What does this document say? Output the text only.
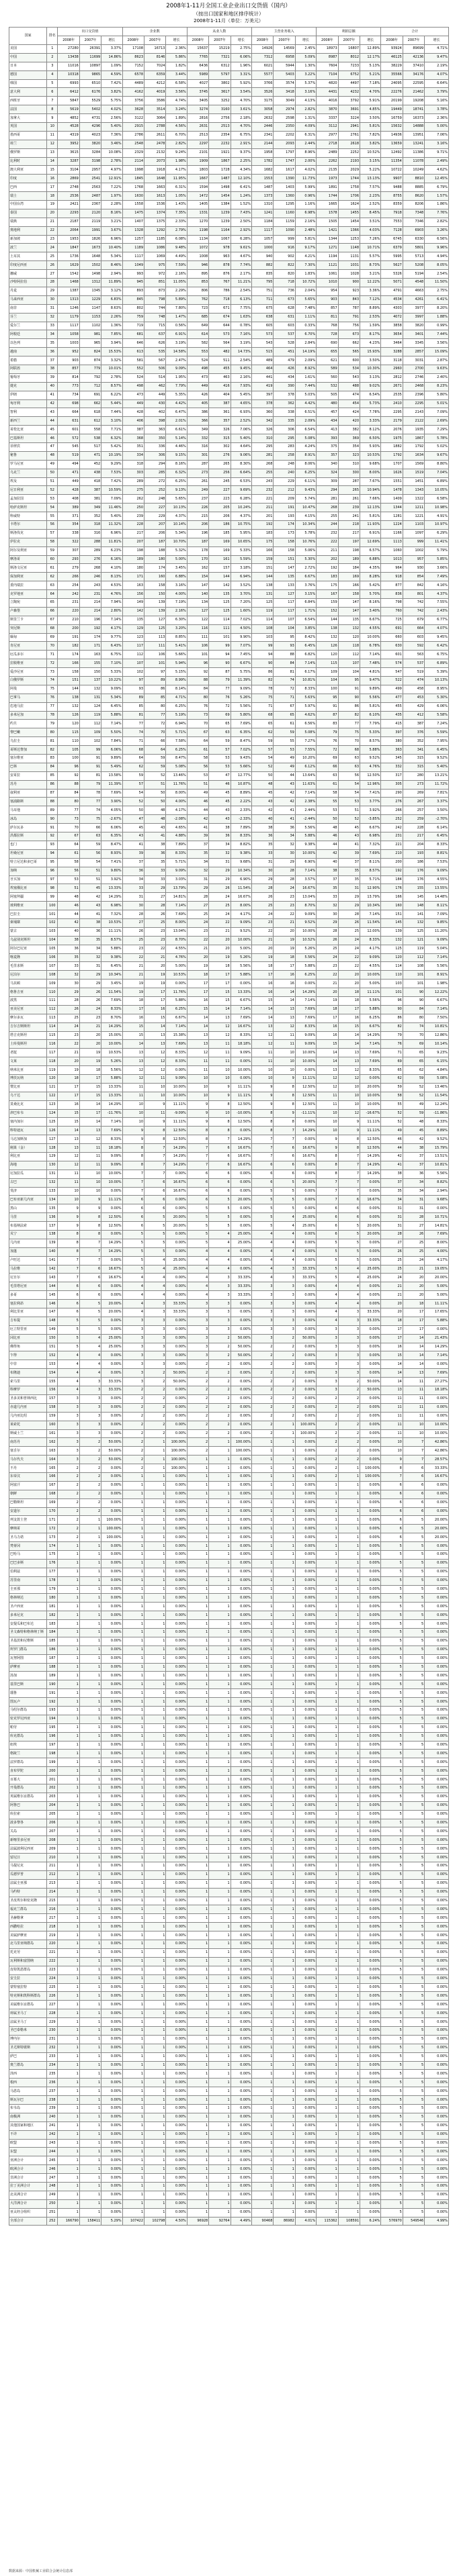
2008年1-11月全国工业企业出口交货值（国内）
（按出口国家和地区排序统计）
2008年1-11月（单位：万美元）
国家	排名	出口交货值			企业数			从业人数			主营业务收入			利润总额			合计		
		2008年	2007年	增长	2008年	2007年	增长	2008年	2007年	增长	2008年	2007年	增长	2008年	2007年	增长	2008年	2007年	增长
美国	1	27280	26391	3.37%	17108	16713	2.36%	15637	15219	2.75%	14926	14569	2.45%	18973	16807	12.89%	93924	89699	4.71%
中国	2	13438	11699	14.86%	8623	8146	5.86%	7765	7321	6.06%	7312	6958	5.09%	8987	8012	12.17%	46125	42136	9.47%
日本	3	11016	10897	1.09%	7152	7024	1.82%	6436	6312	1.96%	6021	5944	1.30%	7604	7233	5.13%	38229	37410	2.19%
德国	4	10318	9865	4.59%	6578	6359	3.44%	5989	5797	3.31%	5577	5403	3.22%	7104	6752	5.21%	35566	34176	4.07%
韩国	5	6993	6510	7.42%	4489	4212	6.58%	4027	3802	5.92%	3766	3574	5.37%	4820	4497	7.18%	24095	22595	6.64%
意大利	6	6412	6176	3.82%	4162	4019	3.56%	3745	3617	3.54%	3526	3418	3.16%	4431	4232	4.70%	22276	21462	3.79%
西班牙	7	5847	5529	5.75%	3756	3586	4.74%	3405	3252	4.70%	3175	3049	4.13%	4016	3792	5.91%	20199	19208	5.16%
法国	8	5619	5402	4.02%	3628	3514	3.24%	3274	3160	3.61%	3058	2974	2.82%	3870	3691	4.85%	19449	18741	3.78%
加拿大	9	4852	4731	2.56%	3122	3064	1.89%	2816	2756	2.18%	2632	2598	1.31%	3337	3224	3.50%	16759	16373	2.36%
英国	10	4528	4296	5.40%	2915	2788	4.56%	2631	2513	4.70%	2446	2350	4.09%	3112	2941	5.81%	15632	14888	5.00%
墨西哥	11	4319	4023	7.36%	2786	2611	6.70%	2513	2354	6.75%	2341	2202	6.31%	2977	2761	7.82%	14936	13951	7.06%
荷兰	12	3952	3820	3.46%	2548	2478	2.82%	2297	2232	2.91%	2144	2093	2.44%	2718	2618	3.82%	13659	13241	3.16%
俄罗斯	13	3615	3284	10.08%	2329	2132	9.24%	2101	1921	9.37%	1958	1797	8.96%	2489	2252	10.52%	12492	11386	9.71%
比利时	14	3287	3198	2.78%	2114	2073	1.98%	1909	1867	2.25%	1782	1747	2.00%	2262	2193	3.15%	11354	11078	2.49%
澳大利亚	15	3104	2957	4.97%	1998	1918	4.17%	1803	1728	4.34%	1682	1617	4.02%	2135	2029	5.22%	10722	10249	4.62%
印度	16	2869	2541	12.91%	1845	1648	11.95%	1667	1487	12.10%	1553	1390	11.73%	1973	1744	13.13%	9907	8810	12.45%
巴西	17	2748	2563	7.22%	1768	1663	6.31%	1594	1498	6.41%	1487	1403	5.99%	1891	1758	7.57%	9488	8885	6.79%
瑞士	18	2536	2487	1.97%	1630	1613	1.05%	1472	1454	1.24%	1373	1360	0.96%	1744	1706	2.23%	8755	8620	1.57%
中国台湾	19	2421	2367	2.28%	1558	1536	1.43%	1405	1384	1.52%	1310	1295	1.16%	1665	1624	2.52%	8359	8206	1.86%
泰国	20	2293	2120	8.16%	1475	1374	7.35%	1331	1239	7.43%	1241	1160	6.98%	1578	1455	8.45%	7918	7348	7.76%
瑞典	21	2187	2119	3.21%	1407	1375	2.33%	1270	1239	2.50%	1184	1159	2.16%	1505	1454	3.51%	7553	7346	2.82%
奥地利	22	2064	1991	3.67%	1328	1292	2.79%	1198	1164	2.92%	1117	1090	2.48%	1421	1366	4.03%	7128	6903	3.26%
新加坡	23	1953	1826	6.96%	1257	1185	6.08%	1134	1067	6.28%	1057	999	5.81%	1344	1253	7.26%	6745	6330	6.56%
波兰	24	1847	1673	10.40%	1189	1086	9.48%	1072	978	9.61%	1000	916	9.17%	1271	1148	10.71%	6379	5801	9.96%
土耳其	25	1736	1648	5.34%	1117	1069	4.49%	1008	963	4.67%	940	902	4.21%	1194	1131	5.57%	5995	5713	4.94%
印度尼西亚	26	1629	1502	8.46%	1049	975	7.59%	946	878	7.74%	882	822	7.30%	1121	1031	8.73%	5627	5208	8.05%
挪威	27	1542	1498	2.94%	993	972	2.16%	895	876	2.17%	835	820	1.83%	1061	1028	3.21%	5326	5194	2.54%
沙特阿拉伯	28	1468	1312	11.89%	945	851	11.05%	853	767	11.21%	795	718	10.72%	1010	900	12.22%	5071	4548	11.50%
丹麦	29	1387	1345	3.12%	893	873	2.29%	806	786	2.54%	751	736	2.04%	954	923	3.36%	4791	4663	2.75%
马来西亚	30	1313	1229	6.83%	845	798	5.89%	762	718	6.13%	711	673	5.65%	903	843	7.12%	4534	4261	6.41%
南非	31	1246	1147	8.63%	802	744	7.80%	723	671	7.75%	675	628	7.48%	857	787	8.89%	4303	3977	8.20%
芬兰	32	1179	1153	2.26%	759	748	1.47%	685	674	1.63%	638	631	1.11%	811	791	2.53%	4072	3997	1.88%
爱尔兰	33	1117	1102	1.36%	719	715	0.56%	649	644	0.78%	605	603	0.33%	768	756	1.59%	3858	3820	0.99%
阿根廷	34	1058	981	7.85%	681	637	6.91%	614	573	7.16%	573	537	6.70%	728	673	8.17%	3654	3401	7.44%
以色列	35	1003	965	3.94%	646	626	3.19%	582	564	3.19%	543	528	2.84%	690	662	4.23%	3464	3345	3.56%
越南	36	952	824	15.53%	613	535	14.58%	553	482	14.73%	515	451	14.19%	655	565	15.93%	3288	2857	15.09%
希腊	37	903	874	3.32%	581	567	2.47%	524	511	2.54%	489	479	2.09%	621	600	3.50%	3118	3031	2.87%
阿联酋	38	857	779	10.01%	552	506	9.09%	498	455	9.45%	464	426	8.92%	589	534	10.30%	2960	2700	9.63%
葡萄牙	39	814	792	2.78%	524	514	1.95%	473	463	2.16%	441	434	1.61%	560	543	3.13%	2812	2746	2.40%
捷克	40	773	712	8.57%	498	462	7.79%	449	416	7.93%	419	390	7.44%	532	488	9.02%	2671	2468	8.23%
伊朗	41	734	691	6.22%	473	449	5.35%	426	404	5.45%	397	378	5.03%	505	474	6.54%	2535	2396	5.80%
匈牙利	42	698	662	5.44%	449	430	4.42%	405	387	4.65%	378	362	4.42%	480	454	5.73%	2410	2295	5.01%
智利	43	664	618	7.44%	428	402	6.47%	386	361	6.93%	360	338	6.51%	457	424	7.78%	2295	2143	7.09%
新西兰	44	631	612	3.10%	406	398	2.01%	366	357	2.52%	342	335	2.09%	434	420	3.33%	2179	2122	2.69%
哥伦比亚	45	601	558	7.71%	387	363	6.61%	349	326	7.06%	326	306	6.54%	413	382	8.12%	2076	1935	7.29%
巴基斯坦	46	572	538	6.32%	368	350	5.14%	332	315	5.40%	310	295	5.08%	393	369	6.50%	1975	1867	5.78%
菲律宾	47	545	517	5.42%	351	336	4.46%	316	302	4.64%	295	283	4.24%	375	354	5.93%	1882	1792	5.02%
秘鲁	48	519	471	10.19%	334	306	9.15%	301	276	9.06%	281	258	8.91%	357	323	10.53%	1792	1634	9.67%
罗马尼亚	49	494	452	9.29%	318	294	8.16%	287	265	8.30%	268	248	8.06%	340	310	9.68%	1707	1569	8.80%
乌克兰	50	471	438	7.53%	303	285	6.32%	273	256	6.64%	255	240	6.25%	324	300	8.00%	1626	1519	7.04%
埃及	51	449	418	7.42%	289	272	6.25%	261	245	6.53%	243	229	6.11%	309	287	7.67%	1551	1451	6.89%
尼日利亚	52	428	387	10.59%	275	252	9.13%	249	227	9.69%	232	212	9.43%	294	265	10.94%	1478	1343	10.05%
孟加拉国	53	408	381	7.09%	262	248	5.65%	237	223	6.28%	221	209	5.74%	281	261	7.66%	1409	1322	6.58%
哈萨克斯坦	54	389	349	11.46%	250	227	10.13%	226	205	10.24%	211	191	10.47%	268	239	12.13%	1344	1211	10.98%
科威特	55	371	352	5.40%	239	229	4.37%	215	206	4.37%	201	193	4.15%	255	241	5.81%	1281	1221	4.91%
卡塔尔	56	354	318	11.32%	228	207	10.14%	206	186	10.75%	192	174	10.34%	244	218	11.93%	1224	1103	10.97%
斯洛伐克	57	338	316	6.96%	217	206	5.34%	196	185	5.95%	183	173	5.78%	232	217	6.91%	1166	1097	6.29%
伊拉克	58	322	288	11.81%	207	187	10.70%	187	169	10.65%	175	158	10.76%	222	197	12.69%	1113	999	11.41%
阿尔及利亚	59	307	289	6.23%	198	188	5.32%	178	169	5.33%	166	158	5.06%	211	198	6.57%	1060	1002	5.79%
摩洛哥	60	293	276	6.16%	189	180	5.00%	170	161	5.59%	159	151	5.30%	202	189	6.88%	1013	957	5.85%
斯洛文尼亚	61	279	268	4.10%	180	174	3.45%	162	157	3.18%	151	147	2.72%	192	184	4.35%	964	930	3.66%
保加利亚	62	266	246	8.13%	171	160	6.88%	154	144	6.94%	144	135	6.67%	183	169	8.28%	918	854	7.49%
委内瑞拉	63	254	243	4.53%	163	158	3.16%	147	142	3.52%	138	133	3.76%	175	166	5.42%	877	842	4.16%
克罗地亚	64	242	231	4.76%	156	150	4.00%	140	135	3.70%	131	127	3.15%	167	158	5.70%	836	801	4.37%
立陶宛	65	231	214	7.94%	149	139	7.19%	134	125	7.20%	125	117	6.84%	159	147	8.16%	798	742	7.55%
卢森堡	66	220	214	2.80%	142	139	2.16%	127	125	1.60%	119	117	1.71%	152	147	3.40%	760	742	2.43%
斯里兰卡	67	210	196	7.14%	135	127	6.30%	122	114	7.02%	114	107	6.54%	144	135	6.67%	725	679	6.77%
突尼斯	68	200	192	4.17%	129	125	3.20%	116	111	4.50%	108	104	3.85%	138	132	4.55%	691	664	4.07%
缅甸	69	191	174	9.77%	123	113	8.85%	111	101	9.90%	103	95	8.42%	132	120	10.00%	660	603	9.45%
肯尼亚	70	182	171	6.43%	117	111	5.41%	106	99	7.07%	99	93	6.45%	126	118	6.78%	630	592	6.42%
厄瓜多尔	71	174	163	6.75%	112	106	5.66%	101	94	7.45%	94	88	6.82%	120	112	7.14%	601	563	6.75%
拉脱维亚	72	166	155	7.10%	107	101	5.94%	96	90	6.67%	90	84	7.14%	115	107	7.48%	574	537	6.89%
爱沙尼亚	73	158	150	5.33%	102	97	5.15%	92	87	5.75%	86	81	6.17%	109	104	4.81%	547	519	5.39%
白俄罗斯	74	151	137	10.22%	97	89	8.99%	88	79	11.39%	82	74	10.81%	104	95	9.47%	522	474	10.13%
阿曼	75	144	132	9.09%	93	86	8.14%	84	77	9.09%	78	72	8.33%	100	91	9.89%	499	458	8.95%
巴拿马	76	138	131	5.34%	89	85	4.71%	80	76	5.26%	75	71	5.63%	95	90	5.56%	477	453	5.30%
危地马拉	77	132	124	6.45%	85	80	6.25%	76	72	5.56%	71	67	5.97%	91	86	5.81%	455	429	6.06%
多米尼加	78	126	119	5.88%	81	77	5.19%	73	69	5.80%	68	65	4.62%	87	82	6.10%	435	412	5.58%
约旦	79	120	112	7.14%	77	72	6.94%	70	65	7.69%	65	61	6.56%	83	77	7.79%	415	387	7.24%
黎巴嫩	80	115	109	5.50%	74	70	5.71%	67	63	6.35%	62	59	5.08%	79	75	5.33%	397	376	5.59%
乌拉圭	81	110	102	7.84%	71	66	7.58%	64	59	8.47%	59	55	7.27%	76	70	8.57%	380	352	7.95%
哥斯达黎加	82	105	99	6.06%	68	64	6.25%	61	57	7.02%	57	53	7.55%	72	68	5.88%	363	341	6.45%
塞尔维亚	83	100	91	9.89%	64	59	8.47%	58	53	9.43%	54	49	10.20%	69	63	9.52%	345	315	9.52%
巴林	84	96	91	5.49%	62	59	5.08%	56	53	5.66%	52	49	6.12%	66	63	4.76%	332	315	5.40%
安哥拉	85	92	81	13.58%	59	52	13.46%	53	47	12.77%	50	44	13.64%	63	56	12.50%	317	280	13.21%
苏丹	86	88	79	11.39%	57	51	11.76%	51	46	10.87%	48	43	11.63%	61	54	12.96%	305	273	11.72%
叙利亚	87	84	78	7.69%	54	50	8.00%	49	45	8.89%	45	42	7.14%	58	54	7.41%	290	269	7.81%
塞浦路斯	88	80	77	3.90%	52	50	4.00%	46	45	2.22%	43	42	2.38%	55	53	3.77%	276	267	3.37%
马耳他	89	77	74	4.05%	50	48	4.17%	44	43	2.33%	42	41	2.44%	53	51	3.92%	266	257	3.50%
冰岛	90	73	75	-2.67%	47	48	-2.08%	42	43	-2.33%	40	41	-2.44%	50	52	-3.85%	252	259	-2.70%
萨尔瓦多	91	70	66	6.06%	45	43	4.65%	41	38	7.89%	38	36	5.56%	48	45	6.67%	242	228	6.14%
洪都拉斯	92	67	63	6.35%	43	41	4.88%	39	36	8.33%	36	34	5.88%	46	43	6.98%	231	217	6.45%
也门	93	64	59	8.47%	41	38	7.89%	37	34	8.82%	35	32	9.38%	44	41	7.32%	221	204	8.33%
坦桑尼亚	94	61	56	8.93%	39	36	8.33%	35	32	9.38%	33	30	10.00%	42	39	7.69%	210	193	8.81%
特立尼达和多巴哥	95	58	54	7.41%	37	35	5.71%	34	31	9.68%	31	29	6.90%	40	37	8.11%	200	186	7.53%
加纳	96	56	51	9.80%	36	33	9.09%	32	29	10.34%	30	28	7.14%	38	35	8.57%	192	176	9.09%
牙买加	97	53	51	3.92%	34	33	3.03%	31	29	6.90%	29	28	3.57%	37	35	5.71%	184	176	4.55%
埃塞俄比亚	98	51	45	13.33%	33	29	13.79%	29	26	11.54%	28	24	16.67%	35	31	12.90%	176	155	13.55%
阿塞拜疆	99	48	42	14.29%	31	27	14.81%	28	24	16.67%	26	23	13.04%	33	29	13.79%	166	145	14.48%
玻利维亚	100	46	43	6.98%	30	28	7.14%	27	25	8.00%	25	23	8.70%	32	29	10.34%	160	148	8.11%
巴拉圭	101	44	41	7.32%	28	26	7.69%	25	24	4.17%	24	22	9.09%	30	28	7.14%	151	141	7.09%
柬埔寨	102	42	38	10.53%	27	25	8.00%	24	22	9.09%	23	21	9.52%	29	26	11.54%	145	132	9.85%
蒙古	103	40	36	11.11%	26	23	13.04%	23	21	9.52%	22	20	10.00%	28	25	12.00%	139	125	11.20%
乌兹别克斯坦	104	38	35	8.57%	25	23	8.70%	22	20	10.00%	21	19	10.52%	26	24	8.33%	132	121	9.09%
阿尔巴尼亚	105	36	34	5.88%	23	22	4.55%	21	20	5.00%	20	19	5.26%	25	24	4.17%	125	119	5.04%
喀麦隆	106	35	32	9.38%	22	21	4.76%	20	19	5.26%	19	18	5.56%	24	22	9.09%	120	112	7.14%
毛里求斯	107	33	31	6.45%	21	20	5.00%	19	18	5.56%	18	17	5.88%	23	22	4.55%	114	108	5.56%
尼泊尔	108	32	29	10.34%	21	19	10.53%	18	17	5.88%	17	16	6.25%	22	20	10.00%	110	101	8.91%
马其顿	109	30	29	3.45%	19	19	0.00%	17	17	0.00%	16	16	0.00%	21	20	5.00%	103	101	1.98%
格鲁吉亚	110	29	26	11.54%	19	17	11.76%	17	15	13.33%	16	14	14.29%	20	18	11.11%	101	90	12.22%
波黑	111	28	26	7.69%	18	17	5.88%	16	15	6.67%	15	14	7.14%	19	18	5.56%	96	90	6.67%
亚美尼亚	112	26	24	8.33%	17	16	6.25%	15	14	7.14%	14	13	7.69%	18	17	5.88%	90	84	7.14%
摩尔多瓦	113	25	23	8.70%	16	15	6.67%	14	13	7.69%	14	13	7.69%	17	16	6.25%	86	80	7.50%
吉尔吉斯斯坦	114	24	21	14.29%	15	14	7.14%	14	12	16.67%	13	12	8.33%	16	15	6.67%	82	74	10.81%
塔吉克斯坦	115	23	20	15.00%	15	13	15.38%	13	12	8.33%	12	11	9.09%	16	14	14.29%	79	70	12.86%
土库曼斯坦	116	22	20	10.00%	14	13	7.69%	13	11	18.18%	12	11	9.09%	15	14	7.14%	76	69	10.14%
老挝	117	21	19	10.53%	13	12	8.33%	12	11	9.09%	11	10	10.00%	14	13	7.69%	71	65	9.23%
文莱	118	20	19	5.26%	13	12	8.33%	11	11	0.00%	11	10	10.00%	14	13	7.69%	69	65	6.15%
纳米比亚	119	19	18	5.56%	12	12	0.00%	11	10	10.00%	10	10	0.00%	13	12	8.33%	65	62	4.84%
博茨瓦纳	120	18	17	5.88%	12	11	9.09%	10	10	0.00%	10	9	11.11%	12	12	0.00%	62	59	5.08%
赞比亚	121	17	15	13.33%	11	10	10.00%	10	9	11.11%	9	8	12.50%	12	10	20.00%	59	52	13.46%
乌干达	122	17	15	13.33%	11	10	10.00%	10	9	11.11%	9	8	12.50%	11	10	10.00%	58	52	11.54%
莫桑比克	123	16	14	14.29%	10	9	11.11%	9	8	12.50%	9	8	12.50%	11	10	10.00%	55	49	12.24%
津巴布韦	124	15	17	-11.76%	10	11	-9.09%	9	10	-10.00%	8	9	-11.11%	10	12	-16.67%	52	59	-11.86%
塞内加尔	125	15	14	7.14%	10	9	11.11%	9	8	12.50%	8	8	0.00%	10	9	11.11%	52	48	8.33%
科特迪瓦	126	14	13	7.69%	9	8	12.50%	8	8	0.00%	8	7	14.29%	10	9	11.11%	49	45	8.89%
马达加斯加	127	13	12	8.33%	9	8	12.50%	8	7	14.29%	7	7	0.00%	9	8	12.50%	46	42	9.52%
刚果（金）	128	13	11	18.18%	8	7	14.29%	7	6	16.67%	7	6	16.67%	9	8	12.50%	44	38	15.79%
利比亚	129	12	11	9.09%	8	7	14.29%	7	6	16.67%	7	6	16.67%	8	7	14.29%	42	37	13.51%
海地	130	12	11	9.09%	8	7	14.29%	7	6	16.67%	6	6	0.00%	8	7	14.29%	41	37	10.81%
尼加拉瓜	131	11	10	10.00%	7	7	0.00%	6	6	0.00%	6	6	0.00%	8	7	14.29%	38	36	5.56%
古巴	132	11	10	10.00%	7	6	16.67%	6	6	0.00%	6	5	20.00%	7	7	0.00%	37	34	8.82%
斐济	133	10	10	0.00%	7	6	16.67%	6	6	0.00%	5	5	0.00%	7	7	0.00%	35	34	2.94%
巴布亚新几内亚	134	10	9	11.11%	6	6	0.00%	6	5	20.00%	5	5	0.00%	7	6	16.67%	34	31	9.68%
黑山	135	9	9	0.00%	6	6	0.00%	5	5	0.00%	5	5	0.00%	6	6	0.00%	31	31	0.00%
马里	136	9	8	12.50%	6	5	20.00%	5	5	0.00%	5	4	25.00%	6	6	0.00%	31	28	10.71%
布基纳法索	137	9	8	12.50%	6	5	20.00%	5	5	0.00%	5	4	25.00%	6	5	20.00%	31	27	14.81%
贝宁	138	8	8	0.00%	5	5	0.00%	5	4	25.00%	4	4	0.00%	6	5	20.00%	28	26	7.69%
几内亚	139	8	7	14.29%	5	5	0.00%	5	4	25.00%	4	4	0.00%	5	5	0.00%	27	25	8.00%
加蓬	140	8	7	14.29%	5	5	0.00%	4	4	0.00%	4	4	0.00%	5	5	0.00%	26	25	4.00%
卢旺达	141	7	7	0.00%	5	4	25.00%	4	4	0.00%	4	4	0.00%	5	5	0.00%	25	24	4.17%
马拉维	142	7	6	16.67%	5	4	25.00%	4	4	0.00%	4	3	33.33%	5	4	25.00%	25	21	19.05%
尼日尔	143	7	6	16.67%	4	4	0.00%	4	3	33.33%	4	3	33.33%	5	4	25.00%	24	20	20.00%
毛里塔尼亚	144	6	6	0.00%	4	4	0.00%	4	3	33.33%	3	3	0.00%	4	4	0.00%	21	20	5.00%
多哥	145	6	6	0.00%	4	4	0.00%	4	3	33.33%	3	3	0.00%	4	4	0.00%	21	20	5.00%
塞拉利昂	146	6	5	20.00%	4	3	33.33%	3	3	0.00%	3	3	0.00%	4	4	0.00%	20	18	11.11%
利比里亚	147	6	5	20.00%	4	3	33.33%	3	3	0.00%	3	3	0.00%	4	3	33.33%	20	17	17.65%
吉布提	148	5	5	0.00%	3	3	0.00%	3	3	0.00%	3	3	0.00%	4	3	33.33%	18	17	5.88%
厄立特里亚	149	5	5	0.00%	3	3	0.00%	3	3	0.00%	3	3	0.00%	3	3	0.00%	17	17	0.00%
冈比亚	150	5	4	25.00%	3	3	0.00%	3	2	50.00%	3	2	50.00%	3	3	0.00%	17	14	21.43%
佛得角	151	5	4	25.00%	3	3	0.00%	3	2	50.00%	2	2	0.00%	3	3	0.00%	16	14	14.29%
乍得	152	4	4	0.00%	3	3	0.00%	3	2	50.00%	2	2	0.00%	3	3	0.00%	15	14	7.14%
中非	153	4	4	0.00%	3	3	0.00%	2	2	0.00%	2	2	0.00%	3	3	0.00%	14	14	0.00%
布隆迪	154	4	4	0.00%	3	2	50.00%	2	2	0.00%	2	2	0.00%	3	3	0.00%	14	13	7.69%
索马里	155	4	3	33.33%	3	2	50.00%	2	2	0.00%	2	2	0.00%	3	2	50.00%	14	11	27.27%
科摩罗	156	4	3	33.33%	2	2	0.00%	2	2	0.00%	2	2	0.00%	3	2	50.00%	13	11	18.18%
圣多美和普林西比	157	3	3	0.00%	2	2	0.00%	2	2	0.00%	2	2	0.00%	2	2	0.00%	11	11	0.00%
赤道几内亚	158	3	3	0.00%	2	2	0.00%	2	2	0.00%	2	2	0.00%	2	2	0.00%	11	11	0.00%
几内亚比绍	159	3	3	0.00%	2	2	0.00%	2	2	0.00%	2	2	0.00%	2	2	0.00%	11	11	0.00%
莱索托	160	3	3	0.00%	2	2	0.00%	2	2	0.00%	2	1	100.00%	2	2	0.00%	11	10	10.00%
斯威士兰	161	3	3	0.00%	2	2	0.00%	2	2	0.00%	2	1	100.00%	2	2	0.00%	11	10	10.00%
南苏丹	162	3	2	50.00%	2	1	100.00%	2	1	100.00%	1	1	0.00%	2	2	0.00%	10	7	42.86%
塞舌尔	163	3	2	50.00%	2	1	100.00%	2	1	100.00%	1	1	0.00%	2	2	0.00%	10	7	42.86%
马尔代夫	164	3	2	50.00%	2	1	100.00%	1	1	0.00%	1	1	0.00%	2	2	0.00%	9	7	28.57%
不丹	165	2	2	0.00%	2	1	100.00%	1	1	0.00%	1	1	0.00%	2	1	100.00%	8	6	33.33%
东帝汶	166	2	2	0.00%	1	1	0.00%	1	1	0.00%	1	1	0.00%	2	1	100.00%	7	6	16.67%
阿富汗	167	2	2	0.00%	1	1	0.00%	1	1	0.00%	1	1	0.00%	1	1	0.00%	6	6	0.00%
朝鲜	168	2	2	0.00%	1	1	0.00%	1	1	0.00%	1	1	0.00%	1	1	0.00%	6	6	0.00%
巴勒斯坦	169	2	2	0.00%	1	1	0.00%	1	1	0.00%	1	1	0.00%	1	1	0.00%	6	6	0.00%
安道尔	170	2	2	0.00%	1	1	0.00%	1	1	0.00%	1	1	0.00%	1	1	0.00%	6	6	0.00%
列支敦士登	171	2	1	100.00%	1	1	0.00%	1	1	0.00%	1	1	0.00%	1	1	0.00%	6	5	20.00%
摩纳哥	172	2	1	100.00%	1	1	0.00%	1	1	0.00%	1	1	0.00%	1	1	0.00%	6	5	20.00%
圣马力诺	173	2	1	100.00%	1	1	0.00%	1	1	0.00%	1	1	0.00%	1	1	0.00%	6	5	20.00%
梵蒂冈	174	1	1	0.00%	1	1	0.00%	1	1	0.00%	1	1	0.00%	1	1	0.00%	5	5	0.00%
巴哈马	175	1	1	0.00%	1	1	0.00%	1	1	0.00%	1	1	0.00%	1	1	0.00%	5	5	0.00%
巴巴多斯	176	1	1	0.00%	1	1	0.00%	1	1	0.00%	1	1	0.00%	1	1	0.00%	5	5	0.00%
伯利兹	177	1	1	0.00%	1	1	0.00%	1	1	0.00%	1	1	0.00%	1	1	0.00%	5	5	0.00%
苏里南	178	1	1	0.00%	1	1	0.00%	1	1	0.00%	1	1	0.00%	1	1	0.00%	5	5	0.00%
圭亚那	179	1	1	0.00%	1	1	0.00%	1	1	0.00%	1	1	0.00%	1	1	0.00%	5	5	0.00%
格林纳达	180	1	1	0.00%	1	1	0.00%	1	1	0.00%	1	1	0.00%	1	1	0.00%	5	5	0.00%
圣卢西亚	181	1	1	0.00%	1	1	0.00%	1	1	0.00%	1	1	0.00%	1	1	0.00%	5	5	0.00%
多米尼克	182	1	1	0.00%	1	1	0.00%	1	1	0.00%	1	1	0.00%	1	1	0.00%	5	5	0.00%
安提瓜和巴布达	183	1	1	0.00%	1	1	0.00%	1	1	0.00%	1	1	0.00%	1	1	0.00%	5	5	0.00%
圣文森特和格林纳丁斯	184	1	1	0.00%	1	1	0.00%	1	1	0.00%	1	1	0.00%	1	1	0.00%	5	5	0.00%
圣基茨和尼维斯	185	1	1	0.00%	1	1	0.00%	1	1	0.00%	1	1	0.00%	1	1	0.00%	5	5	0.00%
所罗门群岛	186	1	1	0.00%	1	1	0.00%	1	1	0.00%	1	1	0.00%	1	1	0.00%	5	5	0.00%
瓦努阿图	187	1	1	0.00%	1	1	0.00%	1	1	0.00%	1	1	0.00%	1	1	0.00%	5	5	0.00%
萨摩亚	188	1	1	0.00%	1	1	0.00%	1	1	0.00%	1	1	0.00%	1	1	0.00%	5	5	0.00%
汤加	189	1	1	0.00%	1	1	0.00%	1	1	0.00%	1	1	0.00%	1	1	0.00%	5	5	0.00%
基里巴斯	190	1	1	0.00%	1	1	0.00%	1	1	0.00%	1	1	0.00%	1	1	0.00%	5	5	0.00%
瑙鲁	191	1	1	0.00%	1	1	0.00%	1	1	0.00%	1	1	0.00%	1	1	0.00%	5	5	0.00%
图瓦卢	192	1	1	0.00%	1	1	0.00%	1	1	0.00%	1	1	0.00%	1	1	0.00%	5	5	0.00%
马绍尔群岛	193	1	1	0.00%	1	1	0.00%	1	1	0.00%	1	1	0.00%	1	1	0.00%	5	5	0.00%
密克罗尼西亚	194	1	1	0.00%	1	1	0.00%	1	1	0.00%	1	1	0.00%	1	1	0.00%	5	5	0.00%
帕劳	195	1	1	0.00%	1	1	0.00%	1	1	0.00%	1	1	0.00%	1	1	0.00%	5	5	0.00%
库克群岛	196	1	1	0.00%	1	1	0.00%	1	1	0.00%	1	1	0.00%	1	1	0.00%	5	5	0.00%
纽埃	197	1	1	0.00%	1	1	0.00%	1	1	0.00%	1	1	0.00%	1	1	0.00%	5	5	0.00%
格陵兰	198	1	1	0.00%	1	1	0.00%	1	1	0.00%	1	1	0.00%	1	1	0.00%	5	5	0.00%
法罗群岛	199	1	1	0.00%	1	1	0.00%	1	1	0.00%	1	1	0.00%	1	1	0.00%	5	5	0.00%
直布罗陀	200	1	1	0.00%	1	1	0.00%	1	1	0.00%	1	1	0.00%	1	1	0.00%	5	5	0.00%
百慕大	201	1	1	0.00%	1	1	0.00%	1	1	0.00%	1	1	0.00%	1	1	0.00%	5	5	0.00%
开曼群岛	202	1	1	0.00%	1	1	0.00%	1	1	0.00%	1	1	0.00%	1	1	0.00%	5	5	0.00%
英属维尔京群岛	203	1	1	0.00%	1	1	0.00%	1	1	0.00%	1	1	0.00%	1	1	0.00%	5	5	0.00%
阿鲁巴	204	1	1	0.00%	1	1	0.00%	1	1	0.00%	1	1	0.00%	1	1	0.00%	5	5	0.00%
库拉索	205	1	1	0.00%	1	1	0.00%	1	1	0.00%	1	1	0.00%	1	1	0.00%	5	5	0.00%
波多黎各	206	1	1	0.00%	1	1	0.00%	1	1	0.00%	1	1	0.00%	1	1	0.00%	5	5	0.00%
关岛	207	1	1	0.00%	1	1	0.00%	1	1	0.00%	1	1	0.00%	1	1	0.00%	5	5	0.00%
新喀里多尼亚	208	1	1	0.00%	1	1	0.00%	1	1	0.00%	1	1	0.00%	1	1	0.00%	5	5	0.00%
法属波利尼西亚	209	1	1	0.00%	1	1	0.00%	1	1	0.00%	1	1	0.00%	1	1	0.00%	5	5	0.00%
留尼汪	210	1	1	0.00%	1	1	0.00%	1	1	0.00%	1	1	0.00%	1	1	0.00%	5	5	0.00%
马提尼克	211	1	1	0.00%	1	1	0.00%	1	1	0.00%	1	1	0.00%	1	1	0.00%	5	5	0.00%
瓜德罗普	212	1	1	0.00%	1	1	0.00%	1	1	0.00%	1	1	0.00%	1	1	0.00%	5	5	0.00%
法属圭亚那	213	1	1	0.00%	1	1	0.00%	1	1	0.00%	1	1	0.00%	1	1	0.00%	5	5	0.00%
马约特	214	1	1	0.00%	1	1	0.00%	1	1	0.00%	1	1	0.00%	1	1	0.00%	5	5	0.00%
圣皮埃尔和密克隆	215	1	1	0.00%	1	1	0.00%	1	1	0.00%	1	1	0.00%	1	1	0.00%	5	5	0.00%
福克兰群岛	216	1	1	0.00%	1	1	0.00%	1	1	0.00%	1	1	0.00%	1	1	0.00%	5	5	0.00%
圣赫勒拿	217	1	1	0.00%	1	1	0.00%	1	1	0.00%	1	1	0.00%	1	1	0.00%	5	5	0.00%
西撒哈拉	218	1	1	0.00%	1	1	0.00%	1	1	0.00%	1	1	0.00%	1	1	0.00%	5	5	0.00%
美属萨摩亚	219	1	1	0.00%	1	1	0.00%	1	1	0.00%	1	1	0.00%	1	1	0.00%	5	5	0.00%
北马里亚纳群岛	220	1	1	0.00%	1	1	0.00%	1	1	0.00%	1	1	0.00%	1	1	0.00%	5	5	0.00%
托克劳	221	1	1	0.00%	1	1	0.00%	1	1	0.00%	1	1	0.00%	1	1	0.00%	5	5	0.00%
瓦利斯和富图纳	222	1	1	0.00%	1	1	0.00%	1	1	0.00%	1	1	0.00%	1	1	0.00%	5	5	0.00%
皮特凯恩群岛	223	1	1	0.00%	1	1	0.00%	1	1	0.00%	1	1	0.00%	1	1	0.00%	5	5	0.00%
安圭拉	224	1	1	0.00%	1	1	0.00%	1	1	0.00%	1	1	0.00%	1	1	0.00%	5	5	0.00%
蒙特塞拉特	225	1	1	0.00%	1	1	0.00%	1	1	0.00%	1	1	0.00%	1	1	0.00%	5	5	0.00%
特克斯和凯科斯群岛	226	1	1	0.00%	1	1	0.00%	1	1	0.00%	1	1	0.00%	1	1	0.00%	5	5	0.00%
美属维尔京群岛	227	1	1	0.00%	1	1	0.00%	1	1	0.00%	1	1	0.00%	1	1	0.00%	5	5	0.00%
荷属圣马丁	228	1	1	0.00%	1	1	0.00%	1	1	0.00%	1	1	0.00%	1	1	0.00%	5	5	0.00%
法属圣马丁	229	1	1	0.00%	1	1	0.00%	1	1	0.00%	1	1	0.00%	1	1	0.00%	5	5	0.00%
圣巴泰勒米	230	1	1	0.00%	1	1	0.00%	1	1	0.00%	1	1	0.00%	1	1	0.00%	5	5	0.00%
博内尔	231	1	1	0.00%	1	1	0.00%	1	1	0.00%	1	1	0.00%	1	1	0.00%	5	5	0.00%
圣尤斯特歇斯	232	1	1	0.00%	1	1	0.00%	1	1	0.00%	1	1	0.00%	1	1	0.00%	5	5	0.00%
萨巴	233	1	1	0.00%	1	1	0.00%	1	1	0.00%	1	1	0.00%	1	1	0.00%	5	5	0.00%
奥兰群岛	234	1	1	0.00%	1	1	0.00%	1	1	0.00%	1	1	0.00%	1	1	0.00%	5	5	0.00%
泽西	235	1	1	0.00%	1	1	0.00%	1	1	0.00%	1	1	0.00%	1	1	0.00%	5	5	0.00%
根西	236	1	1	0.00%	1	1	0.00%	1	1	0.00%	1	1	0.00%	1	1	0.00%	5	5	0.00%
马恩岛	237	1	1	0.00%	1	1	0.00%	1	1	0.00%	1	1	0.00%	1	1	0.00%	5	5	0.00%
斯瓦尔巴	238	1	1	0.00%	1	1	0.00%	1	1	0.00%	1	1	0.00%	1	1	0.00%	5	5	0.00%
布韦岛	239	1	1	0.00%	1	1	0.00%	1	1	0.00%	1	1	0.00%	1	1	0.00%	5	5	0.00%
南极洲	240	1	1	0.00%	1	1	0.00%	1	1	0.00%	1	1	0.00%	1	1	0.00%	5	5	0.00%
其他国家和地区	241	1	1	0.00%	1	1	0.00%	1	1	0.00%	1	1	0.00%	1	1	0.00%	5	5	0.00%
不详	242	1	1	0.00%	1	1	0.00%	1	1	0.00%	1	1	0.00%	1	1	0.00%	5	5	0.00%
欧盟	243	1	1	0.00%	1	1	0.00%	1	1	0.00%	1	1	0.00%	1	1	0.00%	5	5	0.00%
东盟	244	1	1	0.00%	1	1	0.00%	1	1	0.00%	1	1	0.00%	1	1	0.00%	5	5	0.00%
亚洲合计	245	1	1	0.00%	1	1	0.00%	1	1	0.00%	1	1	0.00%	1	1	0.00%	5	5	0.00%
欧洲合计	246	1	1	0.00%	1	1	0.00%	1	1	0.00%	1	1	0.00%	1	1	0.00%	5	5	0.00%
非洲合计	247	1	1	0.00%	1	1	0.00%	1	1	0.00%	1	1	0.00%	1	1	0.00%	5	5	0.00%
拉丁美洲合计	248	1	1	0.00%	1	1	0.00%	1	1	0.00%	1	1	0.00%	1	1	0.00%	5	5	0.00%
北美洲合计	249	1	1	0.00%	1	1	0.00%	1	1	0.00%	1	1	0.00%	1	1	0.00%	5	5	0.00%
大洋洲合计	250	1	1	0.00%	1	1	0.00%	1	1	0.00%	1	1	0.00%	1	1	0.00%	5	5	0.00%
亚太经合组织	251	1	1	0.00%	1	1	0.00%	1	1	0.00%	1	1	0.00%	1	1	0.00%	5	5	0.00%
全部合计	252	166790	158411	5.29%	107422	102798	4.50%	96928	92764	4.49%	90468	86982	4.01%	115362	108591	6.24%	576970	549546	4.99%
数据来源：中国机械工业联合会统计信息部
